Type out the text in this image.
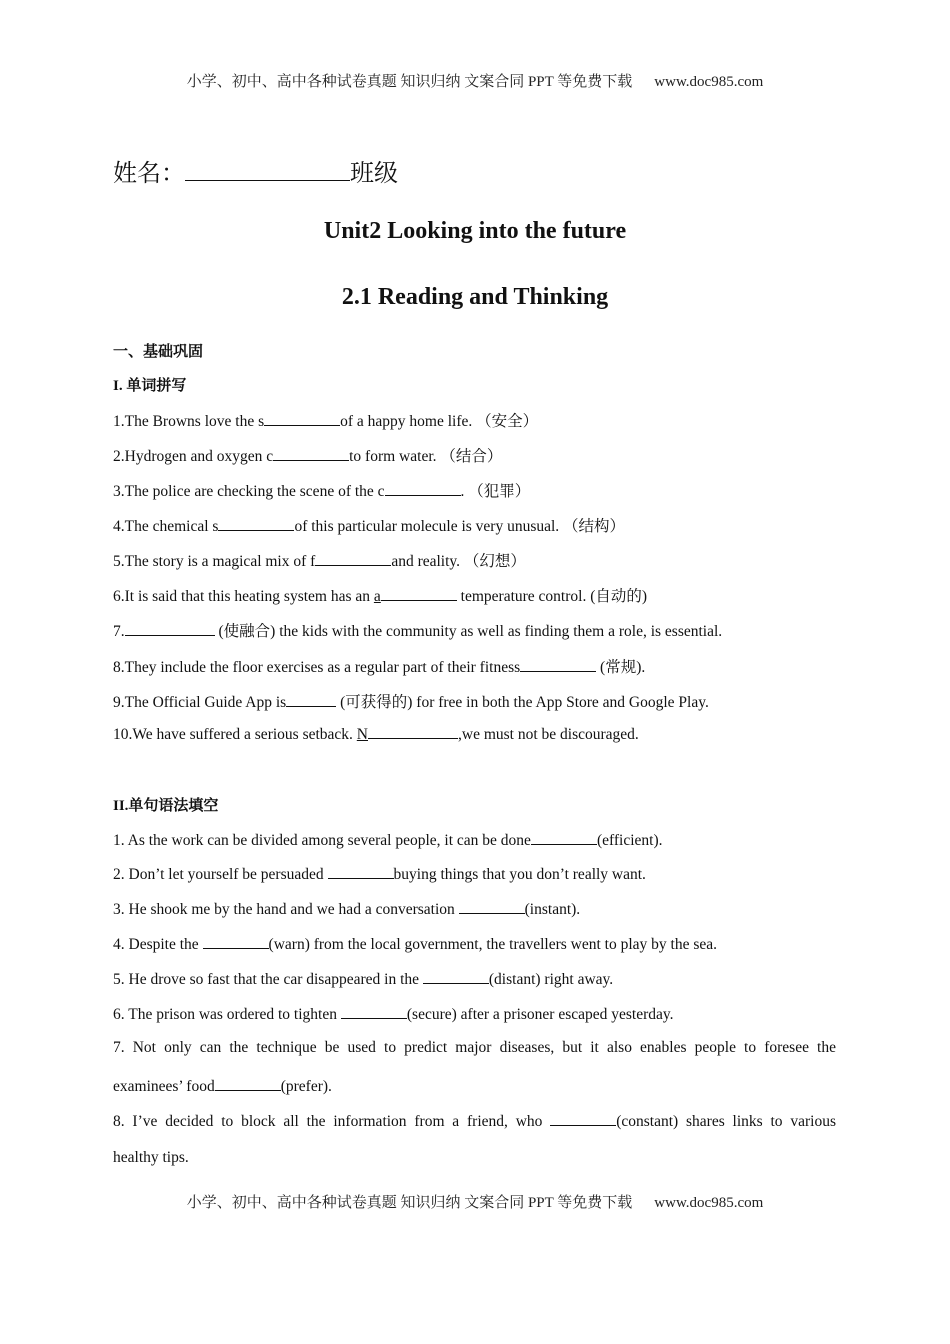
小学、初中、高中各种试卷真题 知识归纳 文案合同 PPT 等免费下载 www.doc985.com
姓名：	班级
Unit2 Looking into the future
2.1 Reading and Thinking
一、基础巩固
I. 单词拼写
1.The Browns love the s	of a happy home life. （安全）
2.Hydrogen and oxygen c	to form water. （结合）
3.The police are checking the scene of the c	. （犯罪）
4.The chemical s	of this particular molecule is very unusual. （结构）
5.The story is a magical mix of f	and reality. （幻想）
6.It is said that this heating system has an a	temperature control. (自动的)
7.	(使融合) the kids with the community as well as finding them a role, is essential.
8.They include the floor exercises as a regular part of their fitness	(常规).
9.The Official Guide App is	(可获得的) for free in both the App Store and Google Play.
10.We have suffered a serious setback. N	,we must not be discouraged.
II.单句语法填空
1. As the work can be divided among several people, it can be done	(efficient).
2. Don’t let yourself be persuaded	buying things that you don’t really want.
3. He shook me by the hand and we had a conversation	(instant).
4. Despite the	(warn) from the local government, the travellers went to play by the sea.
5. He drove so fast that the car disappeared in the	(distant) right away.
6. The prison was ordered to tighten	(secure) after a prisoner escaped yesterday.
7. Not only can the technique be used to predict major diseases, but it also enables people to foresee the
examinees’ food	(prefer).
8. I’ve decided to block all the information from a friend, who	(constant) shares links to various
healthy tips.
小学、初中、高中各种试卷真题 知识归纳 文案合同 PPT 等免费下载 www.doc985.com
